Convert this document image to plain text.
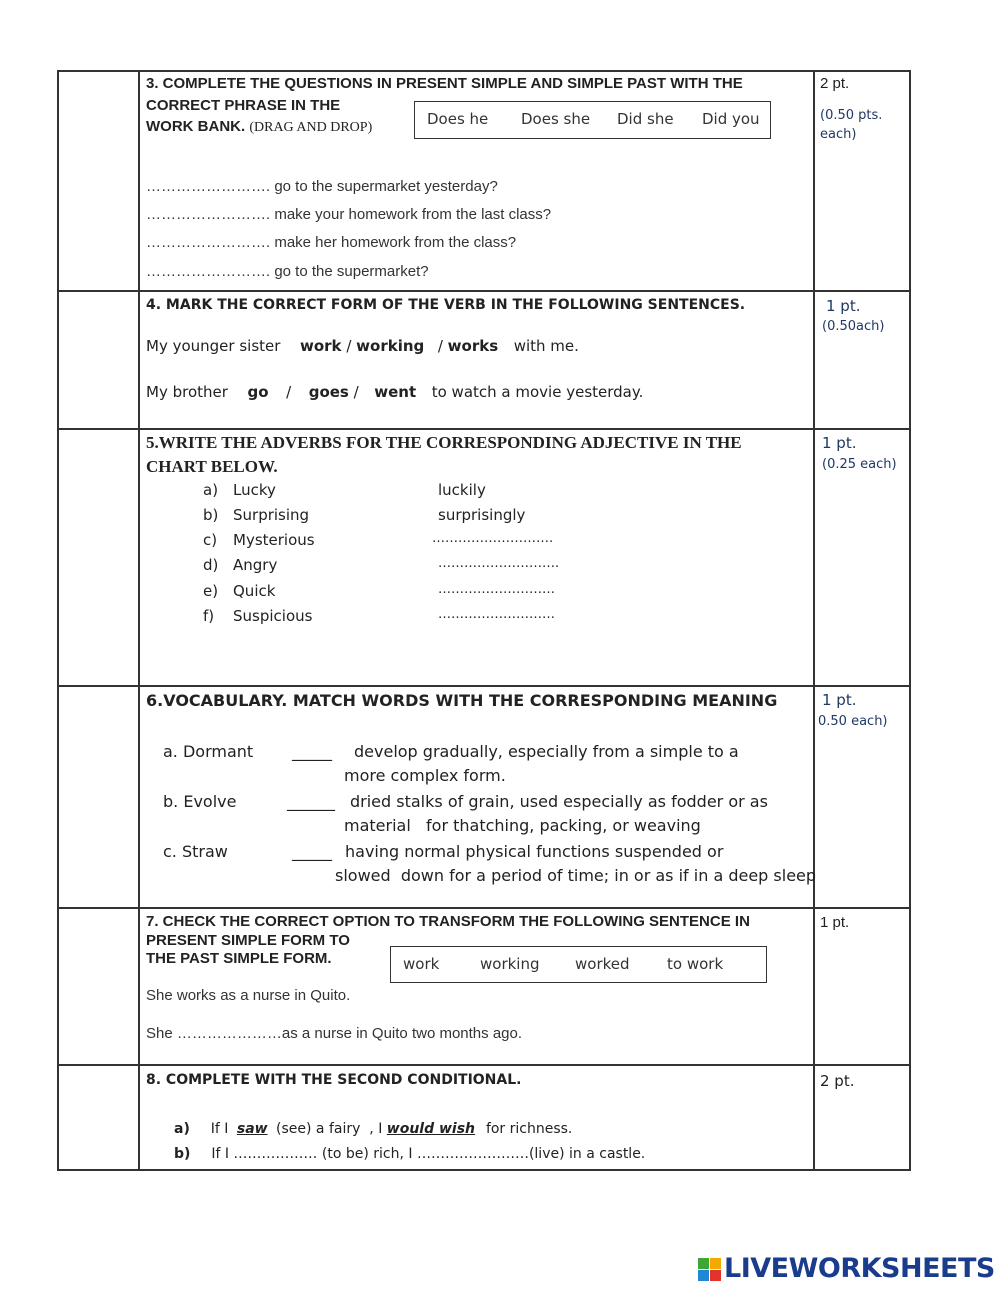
3. COMPLETE THE QUESTIONS IN PRESENT SIMPLE AND SIMPLE PAST WITH THE
CORRECT PHRASE IN THE
WORK BANK. (DRAG AND DROP)	Does he Does she Did she Did you
……………………. go to the supermarket yesterday?
……………………. make your homework from the last class?
……………………. make her homework from the class?
……………………. go to the supermarket?
2 pt.
(0.50 pts.
each)
4. MARK THE CORRECT FORM OF THE VERB IN THE FOLLOWING SENTENCES.
My younger sister work / working / works with me.
My brother go / goes / went to watch a movie yesterday.
1 pt.
(0.50ach)
5.WRITE THE ADVERBS FOR THE CORRESPONDING ADJECTIVE IN THE
CHART BELOW.
a) Lucky	luckily
b) Surprising	surprisingly
c) Mysterious	……………………….
d) Angry	……………………….
e) Quick	………………………
f) Suspicious	………………………
1 pt.
(0.25 each)
6.VOCABULARY. MATCH WORDS WITH THE CORRESPONDING MEANING
a. Dormant _____ develop gradually, especially from a simple to a
more complex form.
b. Evolve	______ dried stalks of grain, used especially as fodder or as
material   for thatching, packing, or weaving
c. Straw	_____ having normal physical functions suspended or
slowed  down for a period of time; in or as if in a deep sleep
1 pt.
0.50 each)
7. CHECK THE CORRECT OPTION TO TRANSFORM THE FOLLOWING SENTENCE IN
PRESENT SIMPLE FORM TO
THE PAST SIMPLE FORM.	work	working worked to work
She works as a nurse in Quito.
She …………………as a nurse in Quito two months ago.
1 pt.
8. COMPLETE WITH THE SECOND CONDITIONAL.
a) If I saw (see) a fairy  , I would wish for richness.
b) If I ……………… (to be) rich, I ……………………(live) in a castle.
2 pt.
LIVEWORKSHEETS
